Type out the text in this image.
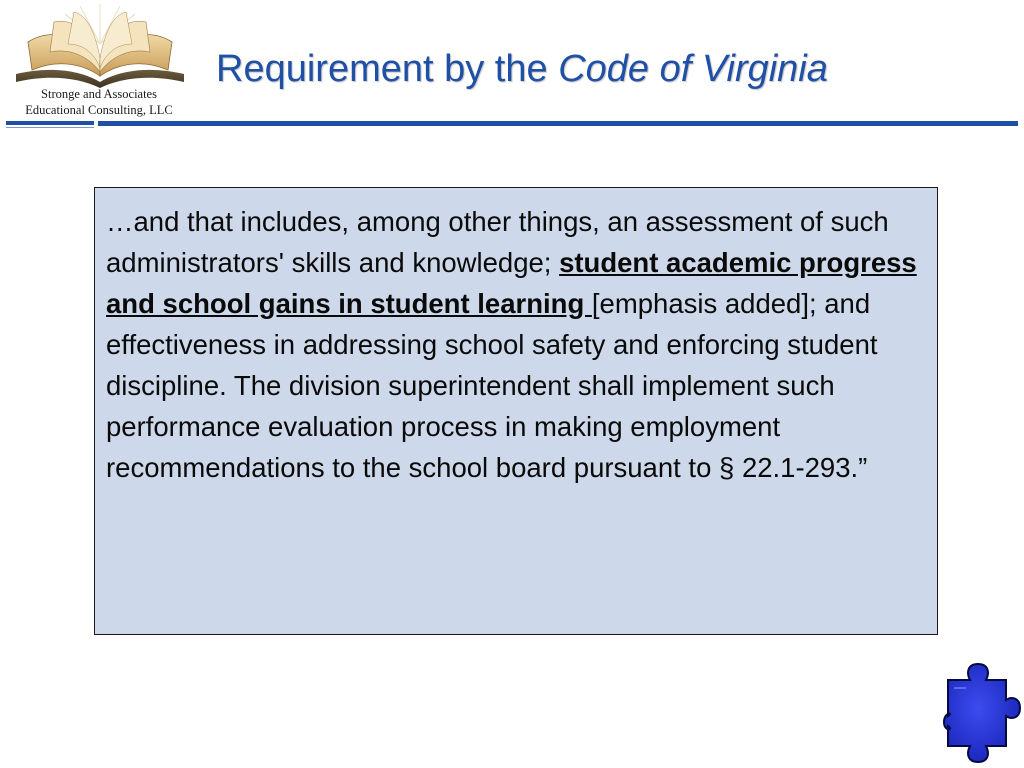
Stronge and Associates
Educational Consulting, LLC
Requirement by the Code of Virginia
…and that includes, among other things, an assessment of such administrators' skills and knowledge; student academic progress and school gains in student learning [emphasis added]; and effectiveness in addressing school safety and enforcing student discipline. The division superintendent shall implement such performance evaluation process in making employment recommendations to the school board pursuant to § 22.1-293.”
